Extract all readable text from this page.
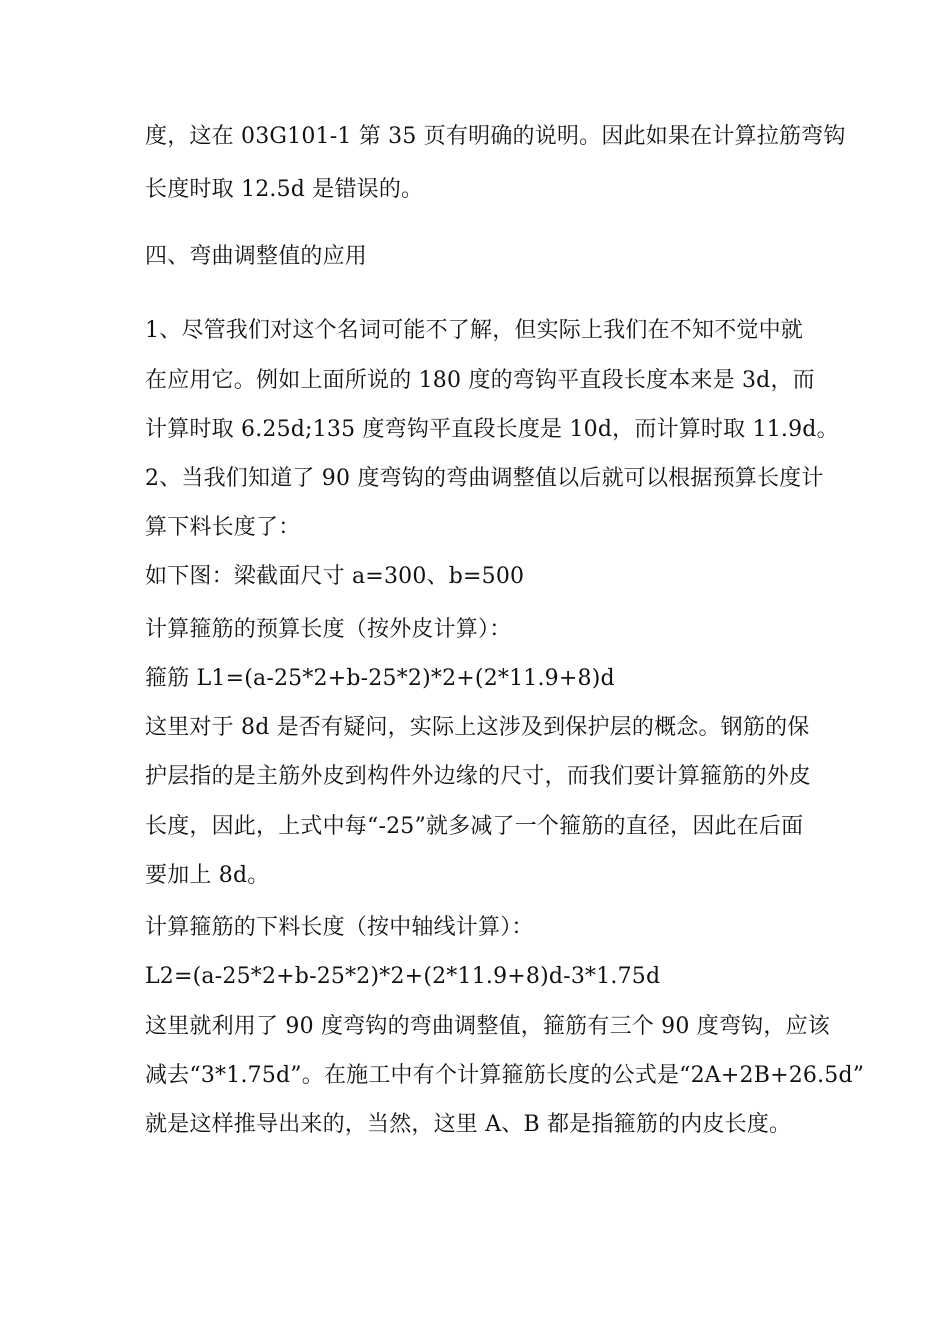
度，这在 03G101-1 第 35 页有明确的说明。因此如果在计算拉筋弯钩
长度时取 12.5d 是错误的。
四、弯曲调整值的应用
1、尽管我们对这个名词可能不了解，但实际上我们在不知不觉中就
在应用它。例如上面所说的 180 度的弯钩平直段长度本来是 3d，而
计算时取 6.25d;135 度弯钩平直段长度是 10d，而计算时取 11.9d。
2、当我们知道了 90 度弯钩的弯曲调整值以后就可以根据预算长度计
算下料长度了：
如下图：梁截面尺寸 a=300、b=500
计算箍筋的预算长度（按外皮计算）：
箍筋 L1=(a-25*2+b-25*2)*2+(2*11.9+8)d
这里对于 8d 是否有疑问，实际上这涉及到保护层的概念。钢筋的保
护层指的是主筋外皮到构件外边缘的尺寸，而我们要计算箍筋的外皮
长度，因此，上式中每“-25”就多减了一个箍筋的直径，因此在后面
要加上 8d。
计算箍筋的下料长度（按中轴线计算）：
L2=(a-25*2+b-25*2)*2+(2*11.9+8)d-3*1.75d
这里就利用了 90 度弯钩的弯曲调整值，箍筋有三个 90 度弯钩，应该
减去“3*1.75d”。在施工中有个计算箍筋长度的公式是“2A+2B+26.5d”
就是这样推导出来的，当然，这里 A、B 都是指箍筋的内皮长度。
